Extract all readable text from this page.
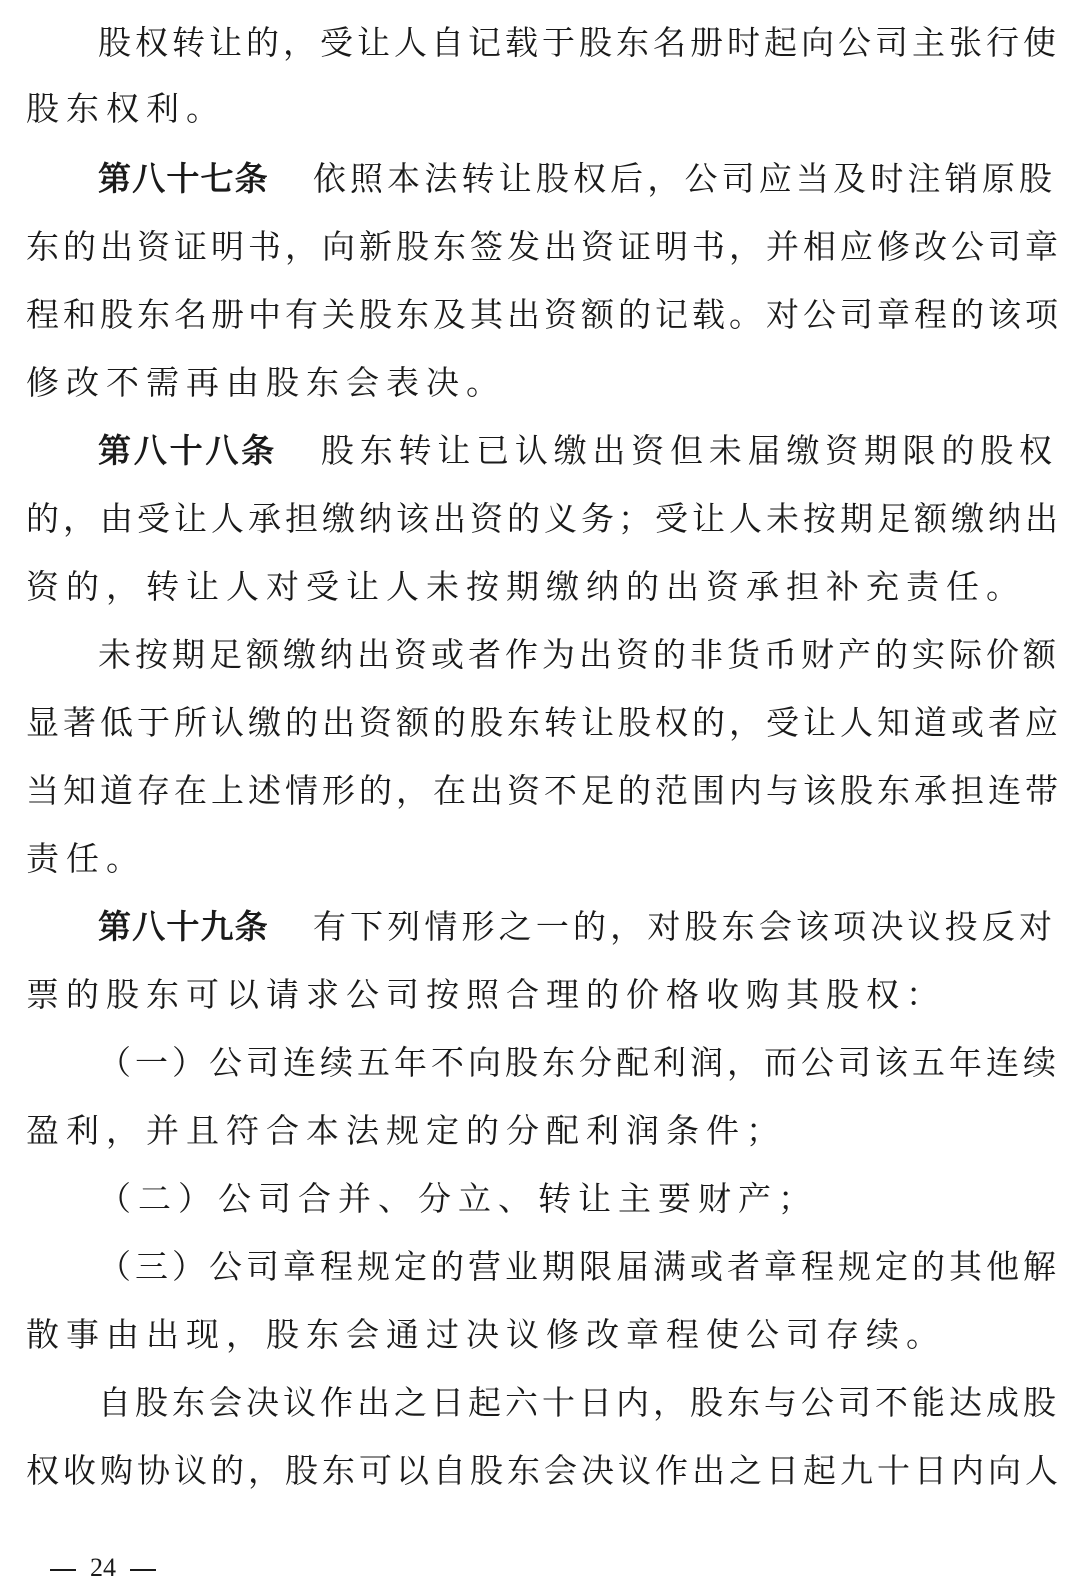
股权转让的，受让人自记载于股东名册时起向公司主张行使
股东权利。
第八十七条 依照本法转让股权后，公司应当及时注销原股
东的出资证明书，向新股东签发出资证明书，并相应修改公司章
程和股东名册中有关股东及其出资额的记载。对公司章程的该项
修改不需再由股东会表决。
第八十八条 股东转让已认缴出资但未届缴资期限的股权
的，由受让人承担缴纳该出资的义务；受让人未按期足额缴纳出
资的，转让人对受让人未按期缴纳的出资承担补充责任。
未按期足额缴纳出资或者作为出资的非货币财产的实际价额
显著低于所认缴的出资额的股东转让股权的，受让人知道或者应
当知道存在上述情形的，在出资不足的范围内与该股东承担连带
责任。
第八十九条 有下列情形之一的，对股东会该项决议投反对
票的股东可以请求公司按照合理的价格收购其股权：
（一）公司连续五年不向股东分配利润，而公司该五年连续
盈利，并且符合本法规定的分配利润条件；
（二）公司合并、分立、转让主要财产；
（三）公司章程规定的营业期限届满或者章程规定的其他解
散事由出现，股东会通过决议修改章程使公司存续。
自股东会决议作出之日起六十日内，股东与公司不能达成股
权收购协议的，股东可以自股东会决议作出之日起九十日内向人
24
